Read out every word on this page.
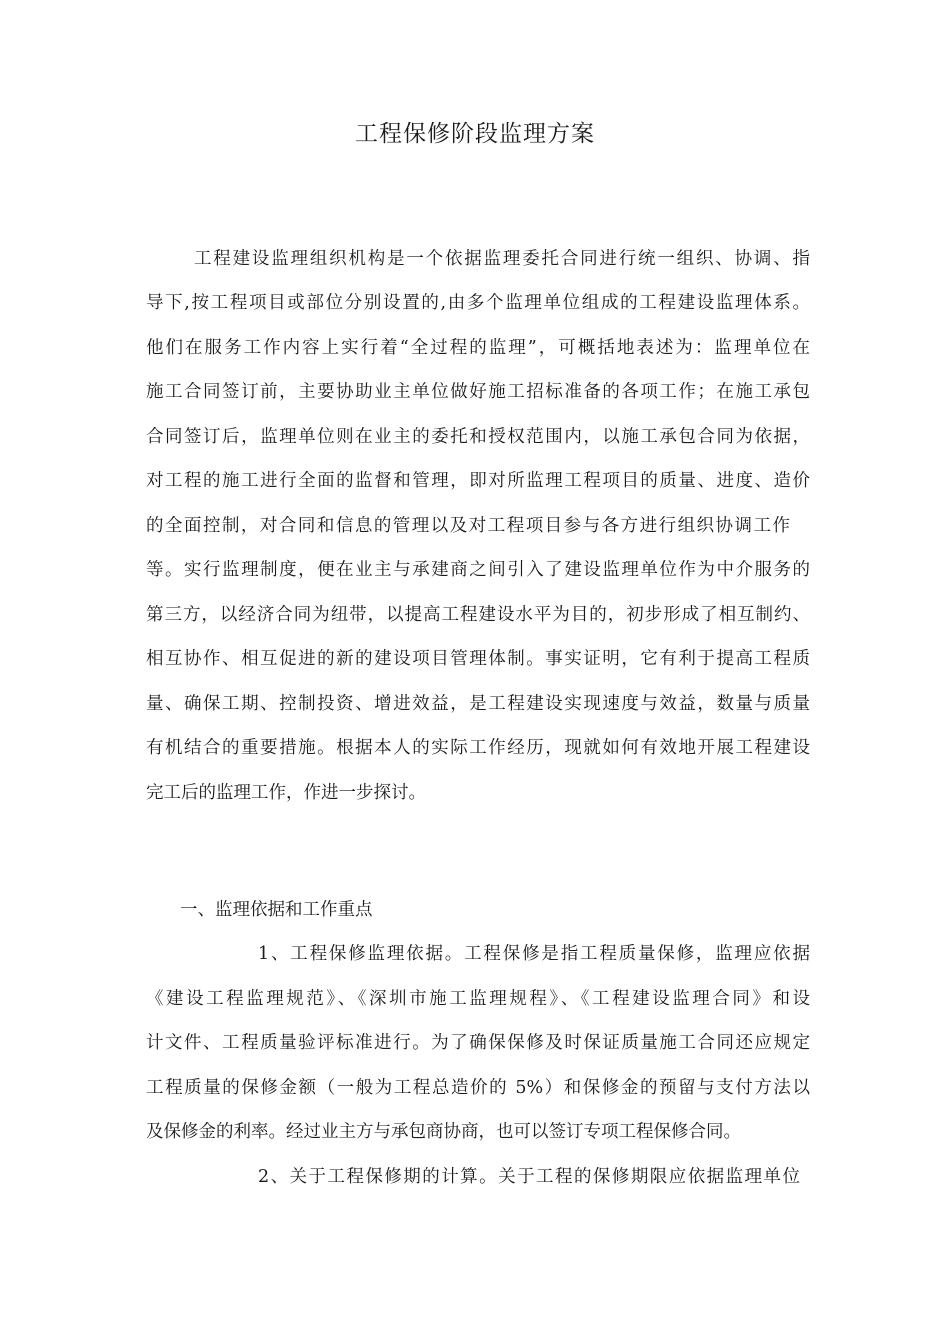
工程保修阶段监理方案
工程建设监理组织机构是一个依据监理委托合同进行统一组织、协调、指
导下,按工程项目或部位分别设置的,由多个监理单位组成的工程建设监理体系。
他们在服务工作内容上实行着“全过程的监理”，可概括地表述为：监理单位在
施工合同签订前，主要协助业主单位做好施工招标准备的各项工作；在施工承包
合同签订后，监理单位则在业主的委托和授权范围内，以施工承包合同为依据，
对工程的施工进行全面的监督和管理，即对所监理工程项目的质量、进度、造价
的全面控制，对合同和信息的管理以及对工程项目参与各方进行组织协调工作
等。实行监理制度，便在业主与承建商之间引入了建设监理单位作为中介服务的
第三方，以经济合同为纽带，以提高工程建设水平为目的，初步形成了相互制约、
相互协作、相互促进的新的建设项目管理体制。事实证明，它有利于提高工程质
量、确保工期、控制投资、增进效益，是工程建设实现速度与效益，数量与质量
有机结合的重要措施。根据本人的实际工作经历，现就如何有效地开展工程建设
完工后的监理工作，作进一步探讨。
一、监理依据和工作重点
1、工程保修监理依据。工程保修是指工程质量保修，监理应依据
《建设工程监理规范》、《深圳市施工监理规程》、《工程建设监理合同》和设
计文件、工程质量验评标准进行。为了确保保修及时保证质量施工合同还应规定
工程质量的保修金额（一般为工程总造价的 5%）和保修金的预留与支付方法以
及保修金的利率。经过业主方与承包商协商，也可以签订专项工程保修合同。
2、关于工程保修期的计算。关于工程的保修期限应依据监理单位
